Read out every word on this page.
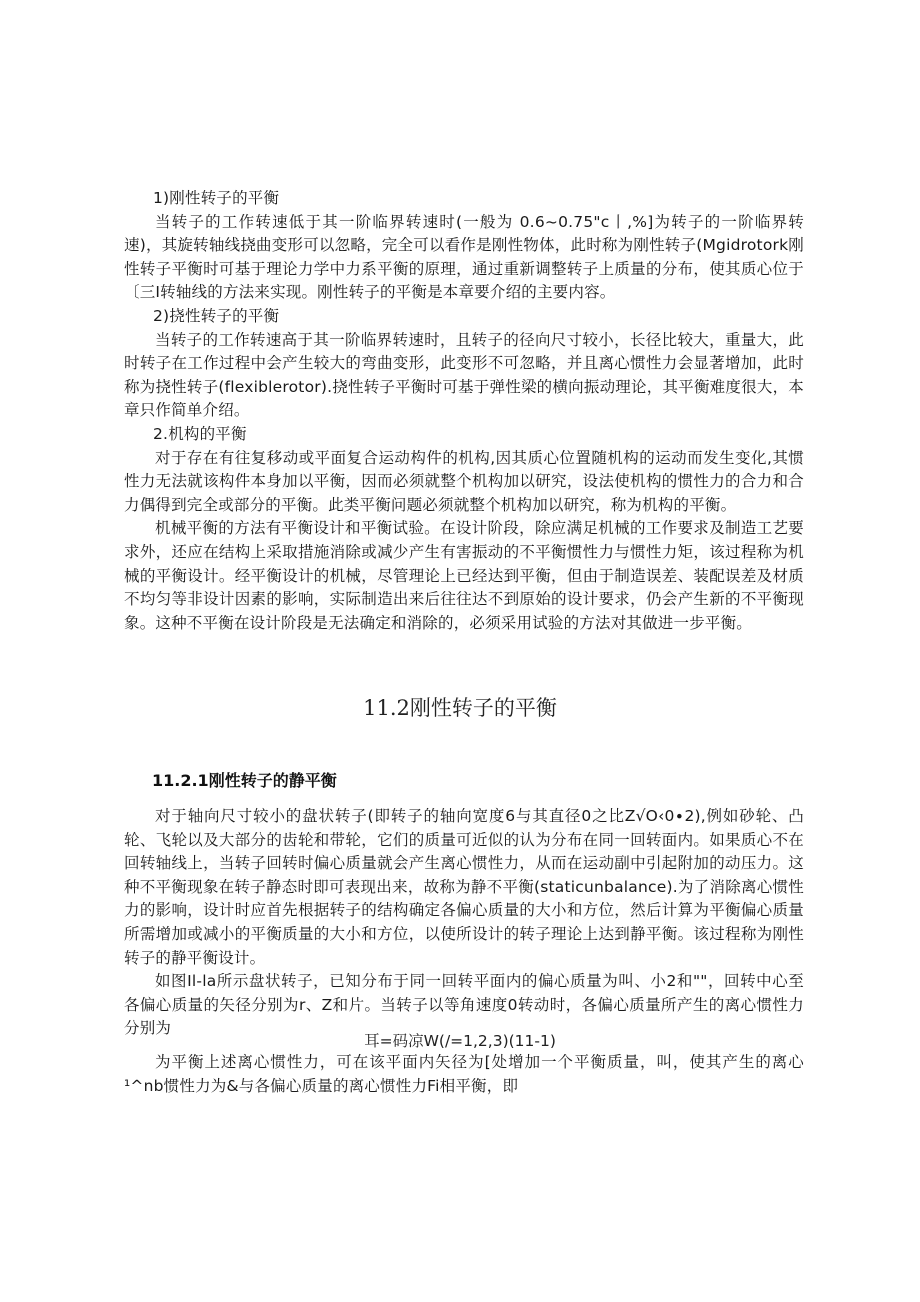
1)刚性转子的平衡

当转子的工作转速低于其一阶临界转速时(一般为 0.6~0.75"c丨,%]为转子的一阶临界转速)，其旋转轴线挠曲变形可以忽略，完全可以看作是刚性物体，此时称为刚性转子(Mgidrotork刚性转子平衡时可基于理论力学中力系平衡的原理，通过重新调整转子上质量的分布，使其质心位于〔三I转轴线的方法来实现。刚性转子的平衡是本章要介绍的主要内容。

2)挠性转子的平衡

当转子的工作转速高于其一阶临界转速时，且转子的径向尺寸较小，长径比较大，重量大，此时转子在工作过程中会产生较大的弯曲变形，此变形不可忽略，并且离心惯性力会显著增加，此时称为挠性转子(flexiblerotor).挠性转子平衡时可基于弹性梁的横向振动理论，其平衡难度很大，本章只作简单介绍。

2.机构的平衡

对于存在有往复移动或平面复合运动构件的机构,因其质心位置随机构的运动而发生变化,其惯性力无法就该构件本身加以平衡，因而必须就整个机构加以研究，设法使机构的惯性力的合力和合力偶得到完全或部分的平衡。此类平衡问题必须就整个机构加以研究，称为机构的平衡。

机械平衡的方法有平衡设计和平衡试验。在设计阶段，除应满足机械的工作要求及制造工艺要求外，还应在结构上采取措施消除或减少产生有害振动的不平衡惯性力与惯性力矩，该过程称为机械的平衡设计。经平衡设计的机械，尽管理论上已经达到平衡，但由于制造误差、装配误差及材质不均匀等非设计因素的影响，实际制造出来后往往达不到原始的设计要求，仍会产生新的不平衡现象。这种不平衡在设计阶段是无法确定和消除的，必须采用试验的方法对其做进一步平衡。

11.2刚性转子的平衡
11.2.1刚性转子的静平衡

对于轴向尺寸较小的盘状转子(即转子的轴向宽度6与其直径0之比Z√O‹0∙2),例如砂轮、凸轮、飞轮以及大部分的齿轮和带轮，它们的质量可近似的认为分布在同一回转面内。如果质心不在回转轴线上，当转子回转时偏心质量就会产生离心惯性力，从而在运动副中引起附加的动压力。这种不平衡现象在转子静态时即可表现出来，故称为静不平衡(staticunbalance).为了消除离心惯性力的影响，设计时应首先根据转子的结构确定各偏心质量的大小和方位，然后计算为平衡偏心质量所需增加或减小的平衡质量的大小和方位，以使所设计的转子理论上达到静平衡。该过程称为刚性转子的静平衡设计。

如图Il-la所示盘状转子，已知分布于同一回转平面内的偏心质量为叫、小2和""，回转中心至各偏心质量的矢径分别为r、Z和片。当转子以等角速度0转动时，各偏心质量所产生的离心惯性力分别为

耳=码凉W(/=1,2,3)(11-1)

为平衡上述离心惯性力，可在该平面内矢径为[处增加一个平衡质量，叫，使其产生的离心¹^nb惯性力为&与各偏心质量的离心惯性力Fi相平衡，即
